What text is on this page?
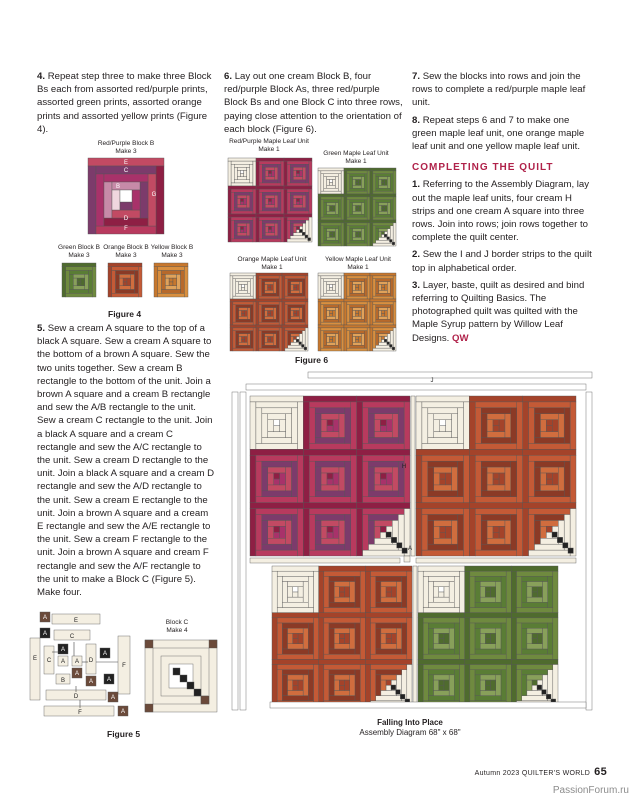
4. Repeat step three to make three Block Bs each from assorted red/purple prints, assorted green prints, assorted orange prints and assorted yellow prints (Figure 4).

5. Sew a cream A square to the top of a black A square. Sew a cream A square to the bottom of a brown A square. Sew the two units together. Sew a cream B rectangle to the bottom of the unit. Join a brown A square and a cream B rectangle and sew the A/B rectangle to the unit. Sew a cream C rectangle to the unit. Join a black A square and a cream C rectangle and sew the A/C rectangle to the unit. Sew a cream D rectangle to the unit. Join a black A square and a cream D rectangle and sew the A/D rectangle to the unit. Sew a cream E rectangle to the unit. Join a brown A square and a cream E rectangle and sew the A/E rectangle to the unit. Sew a cream F rectangle to the unit. Join a brown A square and cream F rectangle and sew the A/F rectangle to the unit to make a Block C (Figure 5). Make four.

6. Lay out one cream Block B, four red/purple Block As, three red/purple Block Bs and one Block C into three rows, paying close attention to the orientation of each block (Figure 6).

7. Sew the blocks into rows and join the rows to complete a red/purple maple leaf unit.

8. Repeat steps 6 and 7 to make one green maple leaf unit, one orange maple leaf unit and one yellow maple leaf unit.

COMPLETING THE QUILT

1. Referring to the Assembly Diagram, lay out the maple leaf units, four cream H strips and one cream A square into three rows. Join into rows; join rows together to complete the quilt center.

2. Sew the I and J border strips to the quilt top in alphabetical order.

3. Layer, baste, quilt as desired and bind referring to Quilting Basics. The photographed quilt was quilted with the Maple Syrup pattern by Willow Leaf Designs. QW

Red/Purple Block B
Make 3
Green Block B
Make 3
Orange Block B
Make 3
Yellow Block B
Make 3
Figure 4
A
B
C
D
E
F
G
A	E
A	C
E C
A
A A
A
B
D
A
A
F
A
D	A
F	A
Block C
Make 4
Figure 5
Red/Purple Maple Leaf Unit
Make 1
Green Maple Leaf Unit
Make 1
Orange Maple Leaf Unit
Make 1
Yellow Maple Leaf Unit
Make 1
Figure 6
J
H
A
Falling Into Place
Assembly Diagram 68" x 68"
Autumn 2023 QUILTER'S WORLD 65
PassionForum.ru
